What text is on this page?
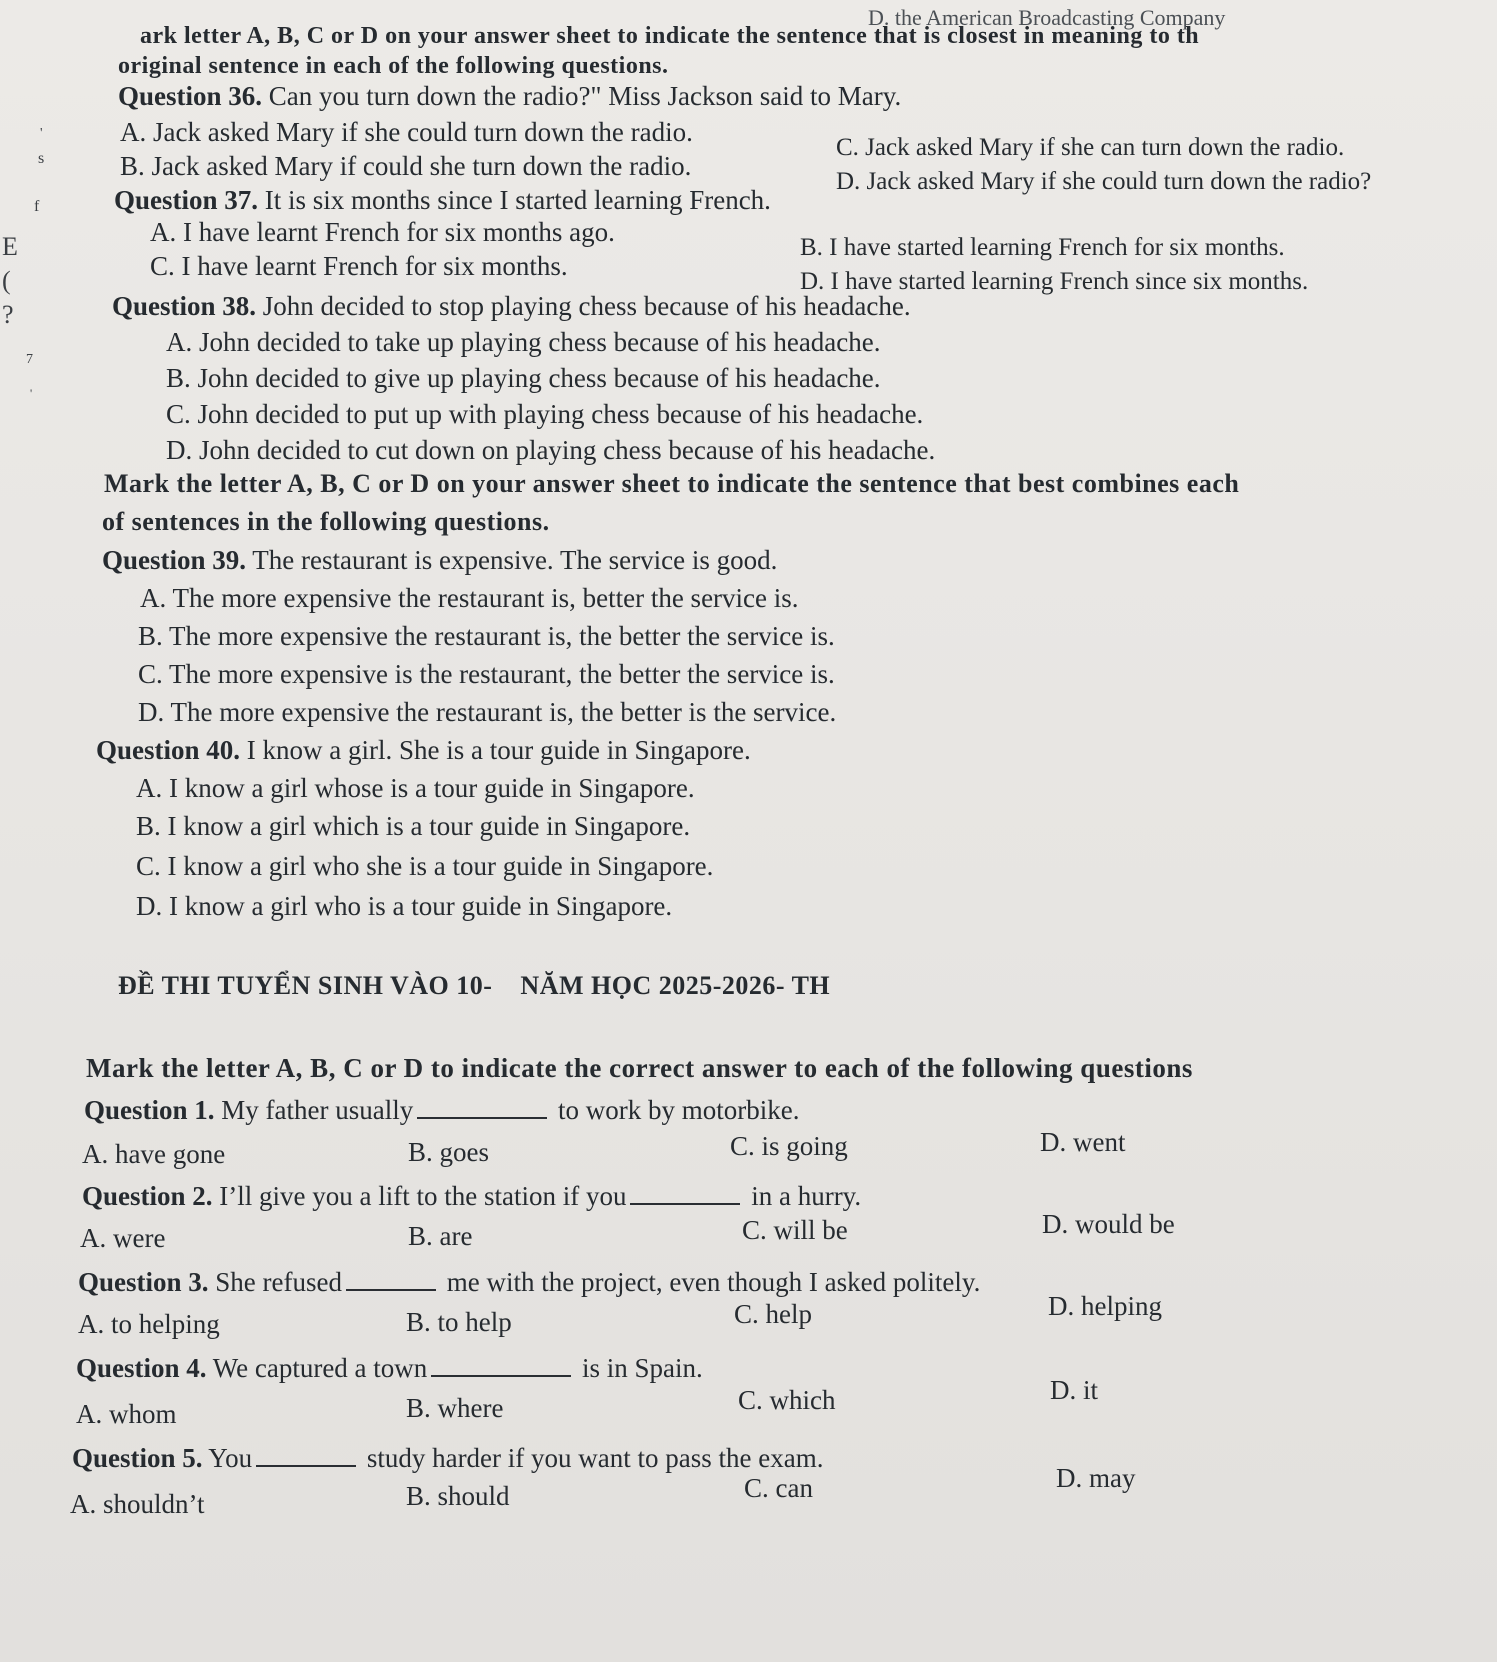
'
s
f
E
(
?
7
'
D. the American Broadcasting Company
ark letter A, B, C or D on your answer sheet to indicate the sentence that is closest in meaning to th
original sentence in each of the following questions.
Question 36. Can you turn down the radio?" Miss Jackson said to Mary.
A. Jack asked Mary if she could turn down the radio.
C. Jack asked Mary if she can turn down the radio.
B. Jack asked Mary if could she turn down the radio.
D. Jack asked Mary if she could turn down the radio?
Question 37. It is six months since I started learning French.
A. I have learnt French for six months ago.
B. I have started learning French for six months.
C. I have learnt French for six months.
D. I have started learning French since six months.
Question 38. John decided to stop playing chess because of his headache.
A. John decided to take up playing chess because of his headache.
B. John decided to give up playing chess because of his headache.
C. John decided to put up with playing chess because of his headache.
D. John decided to cut down on playing chess because of his headache.
Mark the letter A, B, C or D on your answer sheet to indicate the sentence that best combines each
of sentences in the following questions.
Question 39. The restaurant is expensive. The service is good.
A. The more expensive the restaurant is, better the service is.
B. The more expensive the restaurant is, the better the service is.
C. The more expensive is the restaurant, the better the service is.
D. The more expensive the restaurant is, the better is the service.
Question 40. I know a girl. She is a tour guide in Singapore.
A. I know a girl whose is a tour guide in Singapore.
B. I know a girl which is a tour guide in Singapore.
C. I know a girl who she is a tour guide in Singapore.
D. I know a girl who is a tour guide in Singapore.
ĐỀ THI TUYỂN SINH VÀO 10-    NĂM HỌC 2025-2026- TH
Mark the letter A, B, C or D to indicate the correct answer to each of the following questions
Question 1. My father usually	to work by motorbike.
A. have gone	B. goes	C. is going	D. went
Question 2. I’ll give you a lift to the station if you	in a hurry.
A. were	B. are	C. will be	D. would be
Question 3. She refused	me with the project, even though I asked politely.
A. to helping	B. to help	C. help	D. helping
Question 4. We captured a town	is in Spain.
A. whom	B. where	C. which	D. it
Question 5. You	study harder if you want to pass the exam.
A. shouldn’t	B. should	C. can	D. may
